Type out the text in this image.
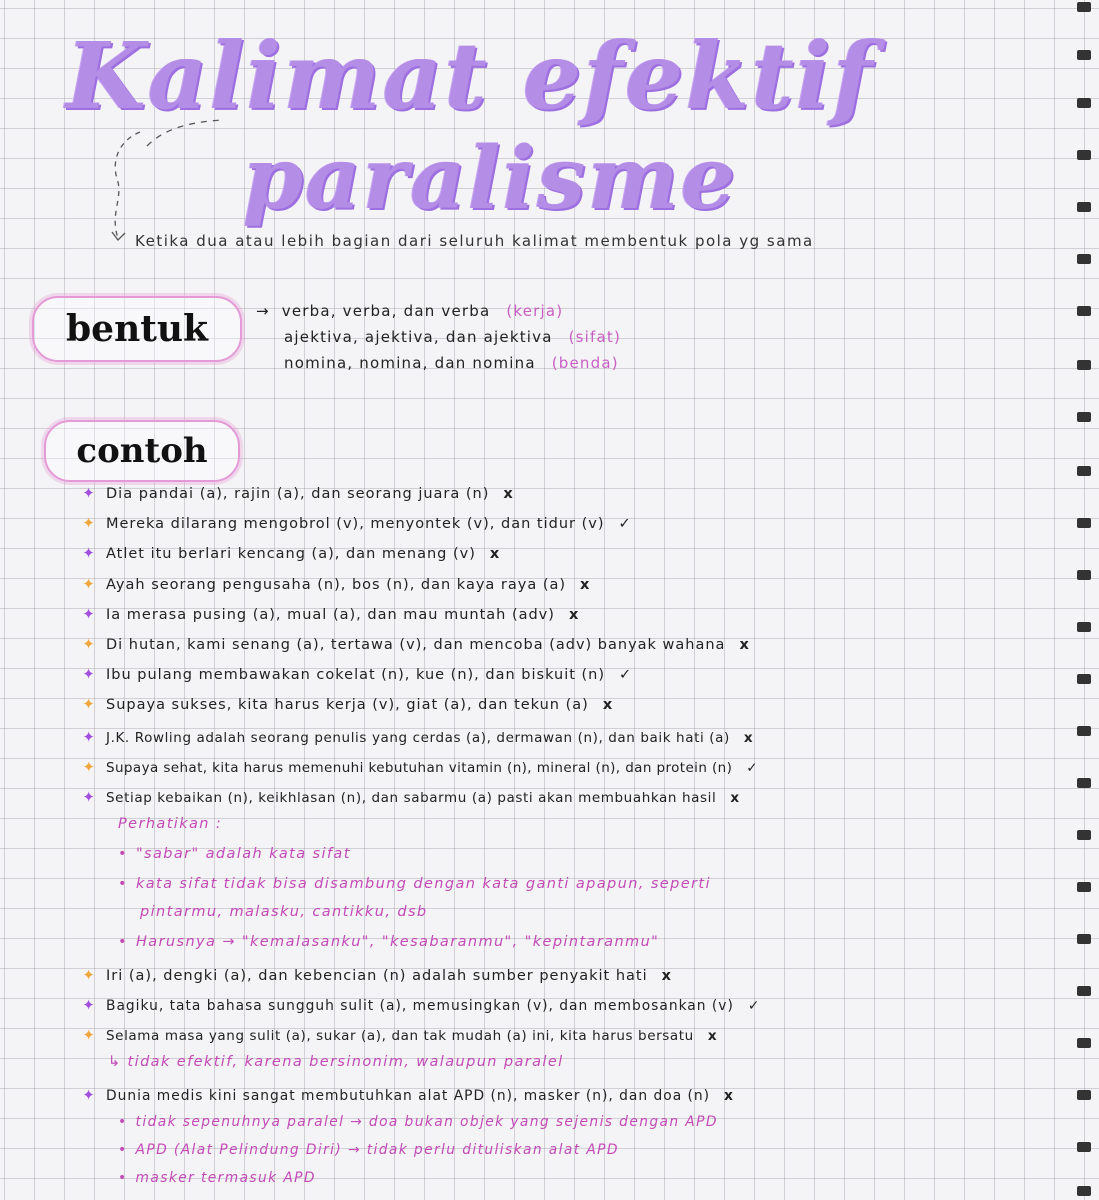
Kalimat efektif
paralisme
Ketika dua atau lebih bagian dari seluruh kalimat membentuk pola yg sama
bentuk	→ verba, verba, dan verba (kerja)
ajektiva, ajektiva, dan ajektiva (sifat)
nomina, nomina, dan nomina (benda)
contoh
✦ Dia pandai (a), rajin (a), dan seorang juara (n) x
✦ Mereka dilarang mengobrol (v), menyontek (v), dan tidur (v) ✓
✦ Atlet itu berlari kencang (a), dan menang (v) x
✦ Ayah seorang pengusaha (n), bos (n), dan kaya raya (a) x
✦ Ia merasa pusing (a), mual (a), dan mau muntah (adv) x
✦ Di hutan, kami senang (a), tertawa (v), dan mencoba (adv) banyak wahana x
✦ Ibu pulang membawakan cokelat (n), kue (n), dan biskuit (n) ✓
✦ Supaya sukses, kita harus kerja (v), giat (a), dan tekun (a) x
✦ J.K. Rowling adalah seorang penulis yang cerdas (a), dermawan (n), dan baik hati (a) x
✦ Supaya sehat, kita harus memenuhi kebutuhan vitamin (n), mineral (n), dan protein (n) ✓
✦ Setiap kebaikan (n), keikhlasan (n), dan sabarmu (a) pasti akan membuahkan hasil x
Perhatikan :
• "sabar" adalah kata sifat
• kata sifat tidak bisa disambung dengan kata ganti apapun, seperti
pintarmu, malasku, cantikku, dsb
• Harusnya → "kemalasanku", "kesabaranmu", "kepintaranmu"
✦ Iri (a), dengki (a), dan kebencian (n) adalah sumber penyakit hati x
✦ Bagiku, tata bahasa sungguh sulit (a), memusingkan (v), dan membosankan (v) ✓
✦ Selama masa yang sulit (a), sukar (a), dan tak mudah (a) ini, kita harus bersatu x
↳ tidak efektif, karena bersinonim, walaupun paralel
✦ Dunia medis kini sangat membutuhkan alat APD (n), masker (n), dan doa (n) x
• tidak sepenuhnya paralel → doa bukan objek yang sejenis dengan APD
• APD (Alat Pelindung Diri) → tidak perlu dituliskan alat APD
• masker termasuk APD
